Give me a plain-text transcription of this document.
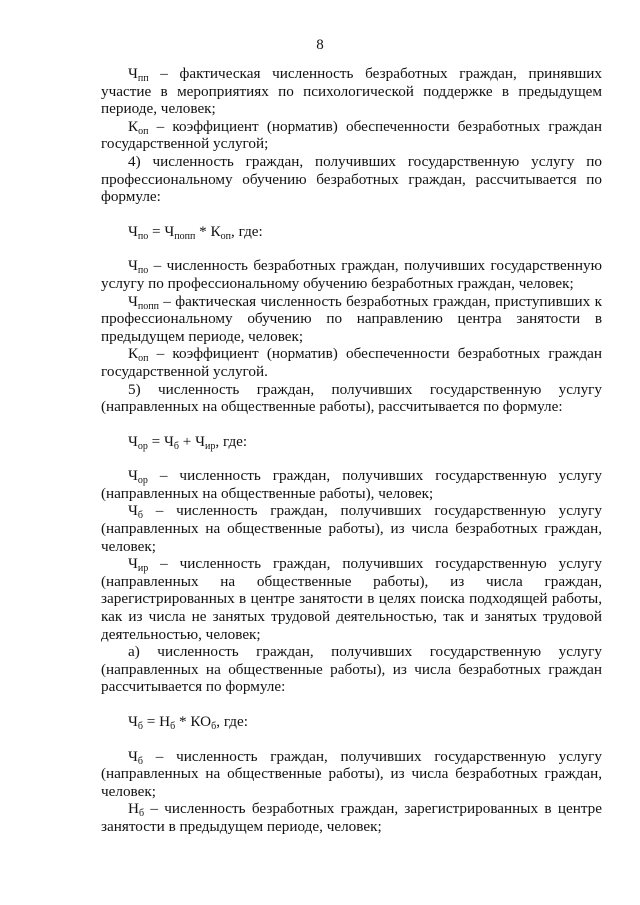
8

$Ч_{пп}$ – фактическая численность безработных граждан, принявших участие в мероприятиях по психологической поддержке в предыдущем периоде, человек;

$К_{оп}$ – коэффициент (норматив) обеспеченности безработных граждан государственной услугой;

4) численность граждан, получивших государственную услугу по профессиональному обучению безработных граждан, рассчитывается по формуле:

$Ч_{по} = Ч_{попп} * К_{оп}$, где:

$Ч_{по}$ – численность безработных граждан, получивших государственную услугу по профессиональному обучению безработных граждан, человек;

$Ч_{попп}$ – фактическая численность безработных граждан, приступивших к профессиональному обучению по направлению центра занятости в предыдущем периоде, человек;

$К_{оп}$ – коэффициент (норматив) обеспеченности безработных граждан государственной услугой.

5) численность граждан, получивших государственную услугу (направленных на общественные работы), рассчитывается по формуле:

$Ч_{ор} = Ч_б + Ч_{ир}$, где:

$Ч_{ор}$ – численность граждан, получивших государственную услугу (направленных на общественные работы), человек;

$Ч_б$ – численность граждан, получивших государственную услугу (направленных на общественные работы), из числа безработных граждан, человек;

$Ч_{ир}$ – численность граждан, получивших государственную услугу (направленных на общественные работы), из числа граждан, зарегистрированных в центре занятости в целях поиска подходящей работы, как из числа не занятых трудовой деятельностью, так и занятых трудовой деятельностью, человек;

а) численность граждан, получивших государственную услугу (направленных на общественные работы), из числа безработных граждан рассчитывается по формуле:

$Ч_б = Н_б * КО_б$, где:

$Ч_б$ – численность граждан, получивших государственную услугу (направленных на общественные работы), из числа безработных граждан, человек;

$Н_б$ – численность безработных граждан, зарегистрированных в центре занятости в предыдущем периоде, человек;
